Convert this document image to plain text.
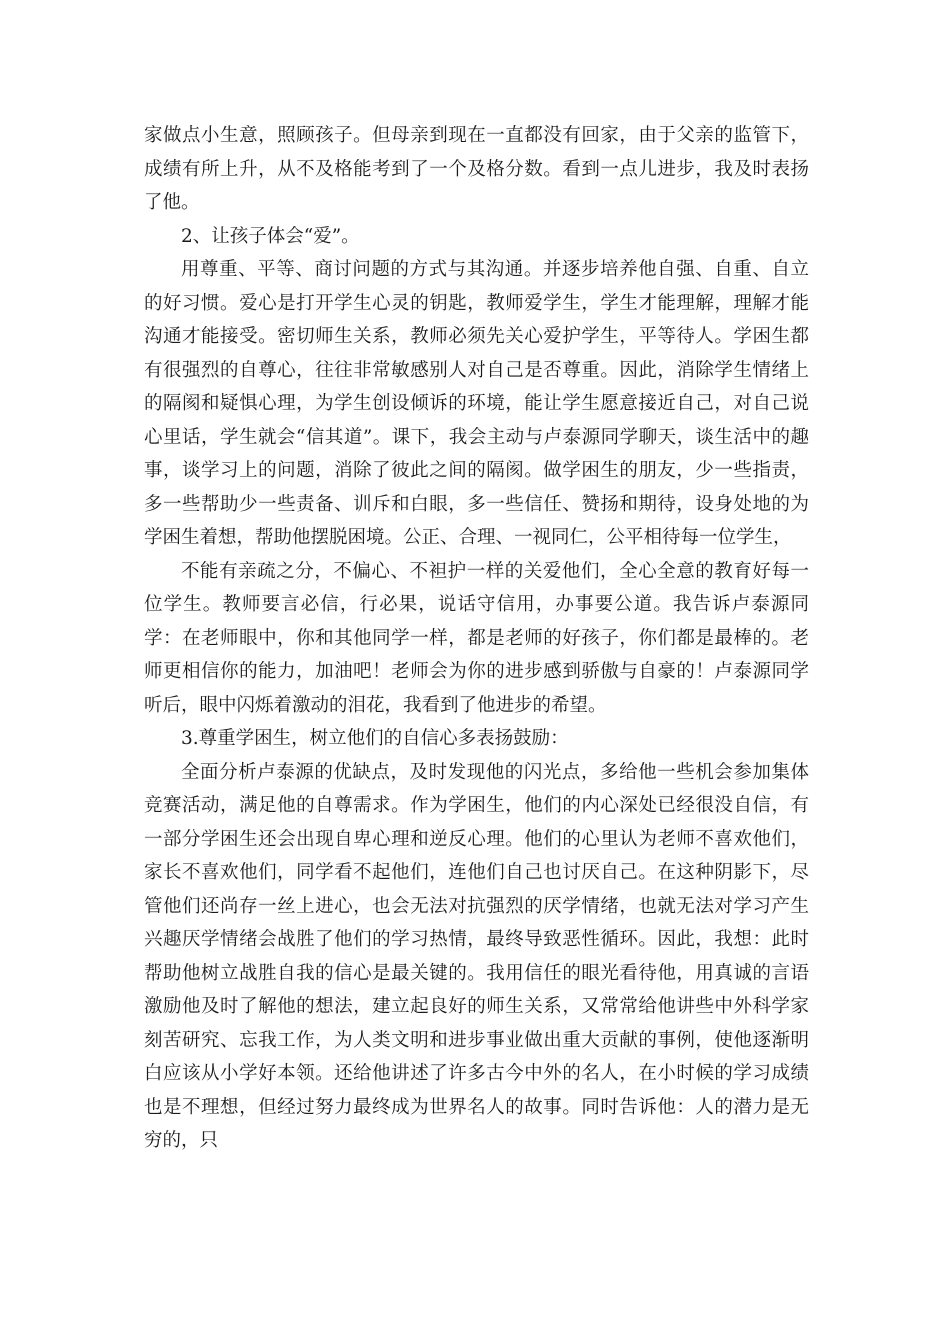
家做点小生意，照顾孩子。但母亲到现在一直都没有回家，由于父亲的监管下，成绩有所上升，从不及格能考到了一个及格分数。看到一点儿进步，我及时表扬了他。

2、让孩子体会“爱”。

用尊重、平等、商讨问题的方式与其沟通。并逐步培养他自强、自重、自立的好习惯。爱心是打开学生心灵的钥匙，教师爱学生，学生才能理解，理解才能沟通才能接受。密切师生关系，教师必须先关心爱护学生，平等待人。学困生都有很强烈的自尊心，往往非常敏感别人对自己是否尊重。因此，消除学生情绪上的隔阂和疑惧心理，为学生创设倾诉的环境，能让学生愿意接近自己，对自己说心里话，学生就会“信其道”。课下，我会主动与卢泰源同学聊天，谈生活中的趣事，谈学习上的问题，消除了彼此之间的隔阂。做学困生的朋友，少一些指责，多一些帮助少一些责备、训斥和白眼，多一些信任、赞扬和期待，设身处地的为学困生着想，帮助他摆脱困境。公正、合理、一视同仁，公平相待每一位学生，

不能有亲疏之分，不偏心、不袒护一样的关爱他们，全心全意的教育好每一位学生。教师要言必信，行必果，说话守信用，办事要公道。我告诉卢泰源同学：在老师眼中，你和其他同学一样，都是老师的好孩子，你们都是最棒的。老师更相信你的能力，加油吧！老师会为你的进步感到骄傲与自豪的！卢泰源同学听后，眼中闪烁着激动的泪花，我看到了他进步的希望。

3.尊重学困生，树立他们的自信心多表扬鼓励：

全面分析卢泰源的优缺点，及时发现他的闪光点，多给他一些机会参加集体竞赛活动，满足他的自尊需求。作为学困生，他们的内心深处已经很没自信，有一部分学困生还会出现自卑心理和逆反心理。他们的心里认为老师不喜欢他们，家长不喜欢他们，同学看不起他们，连他们自己也讨厌自己。在这种阴影下，尽管他们还尚存一丝上进心，也会无法对抗强烈的厌学情绪，也就无法对学习产生兴趣厌学情绪会战胜了他们的学习热情，最终导致恶性循环。因此，我想：此时帮助他树立战胜自我的信心是最关键的。我用信任的眼光看待他，用真诚的言语激励他及时了解他的想法，建立起良好的师生关系，又常常给他讲些中外科学家刻苦研究、忘我工作，为人类文明和进步事业做出重大贡献的事例，使他逐渐明白应该从小学好本领。还给他讲述了许多古今中外的名人，在小时候的学习成绩也是不理想，但经过努力最终成为世界名人的故事。同时告诉他：人的潜力是无穷的，只
